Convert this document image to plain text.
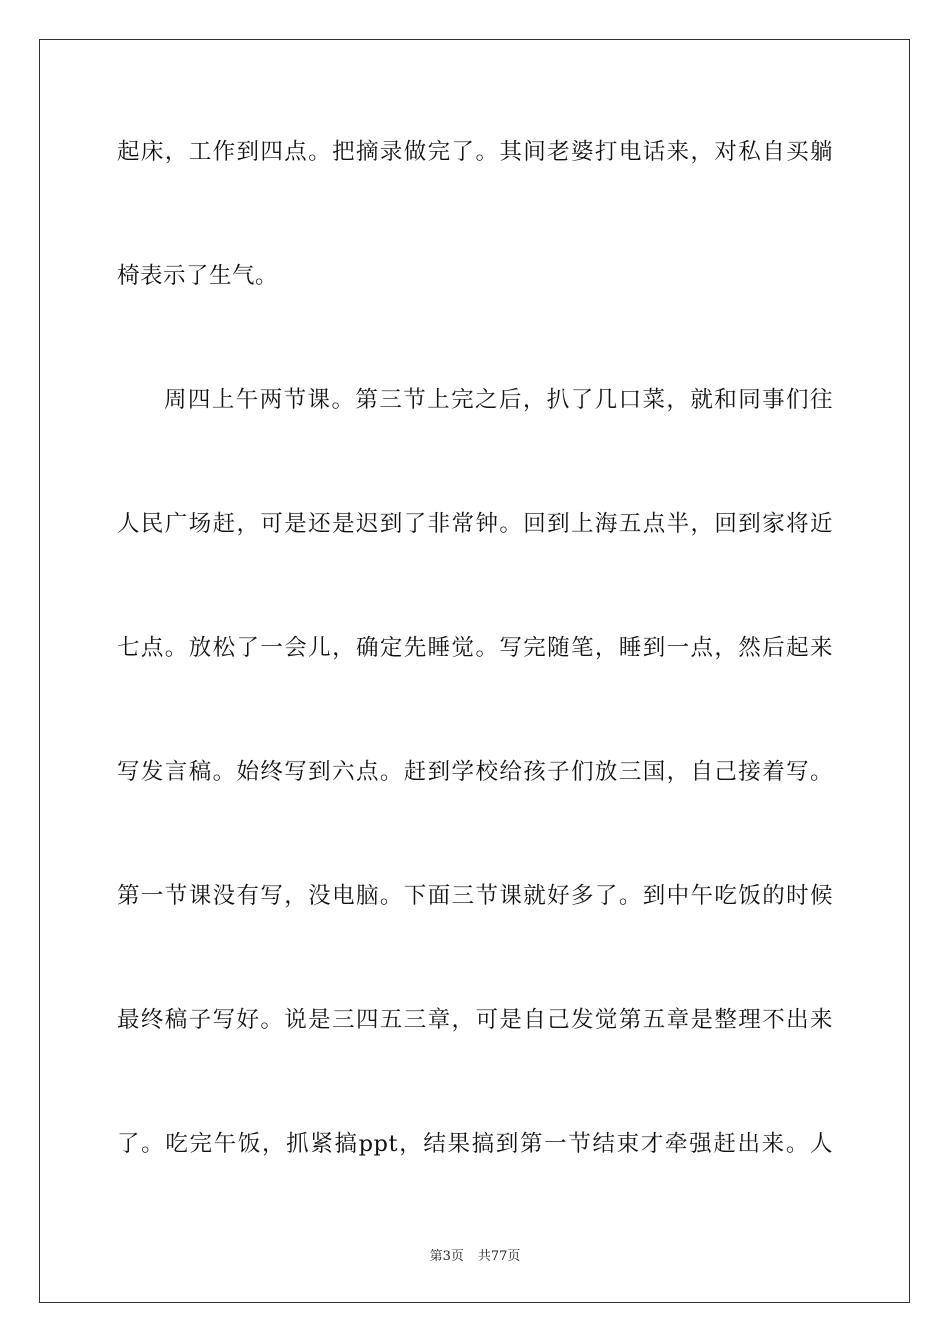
起床，工作到四点。把摘录做完了。其间老婆打电话来，对私自买躺
椅表示了生气。
周四上午两节课。第三节上完之后，扒了几口菜，就和同事们往
人民广场赶，可是还是迟到了非常钟。回到上海五点半，回到家将近
七点。放松了一会儿，确定先睡觉。写完随笔，睡到一点，然后起来
写发言稿。始终写到六点。赶到学校给孩子们放三国，自己接着写。
第一节课没有写，没电脑。下面三节课就好多了。到中午吃饭的时候
最终稿子写好。说是三四五三章，可是自己发觉第五章是整理不出来
了。吃完午饭，抓紧搞ppt，结果搞到第一节结束才牵强赶出来。人
第3页 共77页
